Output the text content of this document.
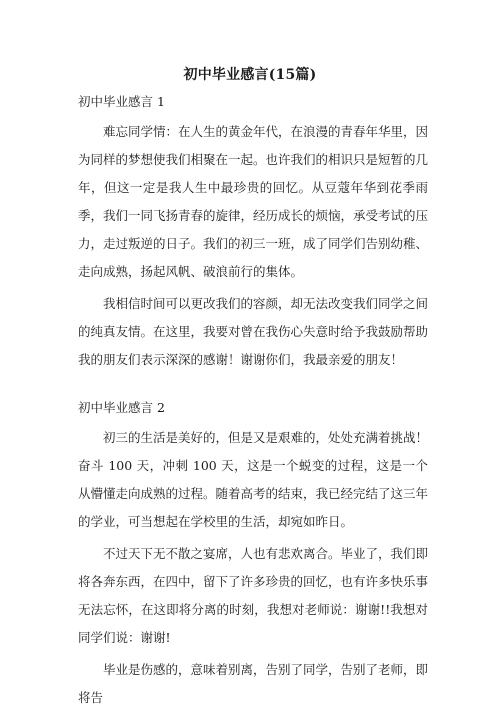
初中毕业感言(15篇)
初中毕业感言 1

难忘同学情：在人生的黄金年代，在浪漫的青春年华里，因为同样的梦想使我们相聚在一起。也许我们的相识只是短暂的几年，但这一定是我人生中最珍贵的回忆。从豆蔻年华到花季雨季，我们一同飞扬青春的旋律，经历成长的烦恼，承受考试的压力，走过叛逆的日子。我们的初三一班，成了同学们告别幼稚、走向成熟，扬起风帆、破浪前行的集体。

我相信时间可以更改我们的容颜，却无法改变我们同学之间的纯真友情。在这里，我要对曾在我伤心失意时给予我鼓励帮助我的朋友们表示深深的感谢！谢谢你们，我最亲爱的朋友！

初中毕业感言 2

初三的生活是美好的，但是又是艰难的，处处充满着挑战！奋斗 100 天，冲刺 100 天，这是一个蜕变的过程，这是一个从懵懂走向成熟的过程。随着高考的结束，我已经完结了这三年的学业，可当想起在学校里的生活，却宛如昨日。

不过天下无不散之宴席，人也有悲欢离合。毕业了，我们即将各奔东西，在四中，留下了许多珍贵的回忆，也有许多快乐事无法忘怀，在这即将分离的时刻，我想对老师说：谢谢!!我想对同学们说：谢谢!

毕业是伤感的，意味着别离，告别了同学，告别了老师，即将告
